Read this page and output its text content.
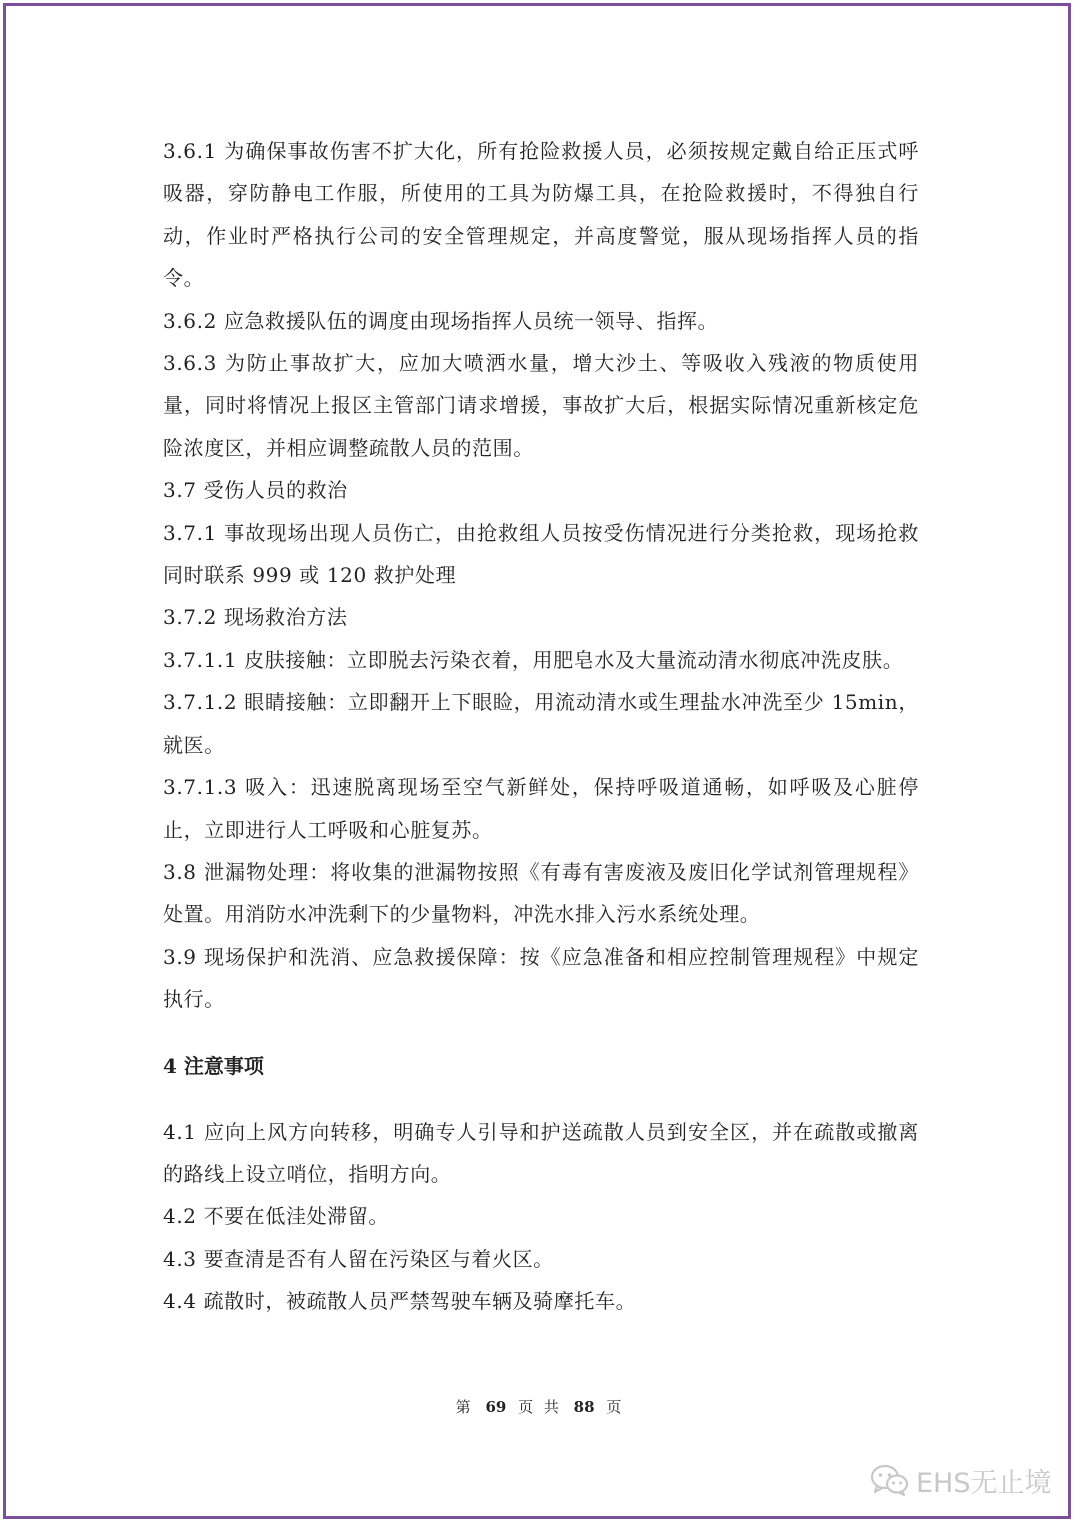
3.6.1 为确保事故伤害不扩大化，所有抢险救援人员，必须按规定戴自给正压式呼吸器，穿防静电工作服，所使用的工具为防爆工具，在抢险救援时，不得独自行动，作业时严格执行公司的安全管理规定，并高度警觉，服从现场指挥人员的指令。

3.6.2 应急救援队伍的调度由现场指挥人员统一领导、指挥。

3.6.3 为防止事故扩大，应加大喷洒水量，增大沙土、等吸收入残液的物质使用量，同时将情况上报区主管部门请求增援，事故扩大后，根据实际情况重新核定危险浓度区，并相应调整疏散人员的范围。

3.7 受伤人员的救治

3.7.1 事故现场出现人员伤亡，由抢救组人员按受伤情况进行分类抢救，现场抢救同时联系 999 或 120 救护处理

3.7.2 现场救治方法

3.7.1.1 皮肤接触：立即脱去污染衣着，用肥皂水及大量流动清水彻底冲洗皮肤。

3.7.1.2 眼睛接触：立即翻开上下眼睑，用流动清水或生理盐水冲洗至少 15min，就医。

3.7.1.3 吸入：迅速脱离现场至空气新鲜处，保持呼吸道通畅，如呼吸及心脏停止，立即进行人工呼吸和心脏复苏。

3.8 泄漏物处理：将收集的泄漏物按照《有毒有害废液及废旧化学试剂管理规程》处置。用消防水冲洗剩下的少量物料，冲洗水排入污水系统处理。

3.9 现场保护和洗消、应急救援保障：按《应急准备和相应控制管理规程》中规定执行。

4 注意事项

4.1 应向上风方向转移，明确专人引导和护送疏散人员到安全区，并在疏散或撤离的路线上设立哨位，指明方向。

4.2 不要在低洼处滞留。

4.3 要查清是否有人留在污染区与着火区。

4.4 疏散时，被疏散人员严禁驾驶车辆及骑摩托车。

第 69 页 共 88 页
EHS无止境
